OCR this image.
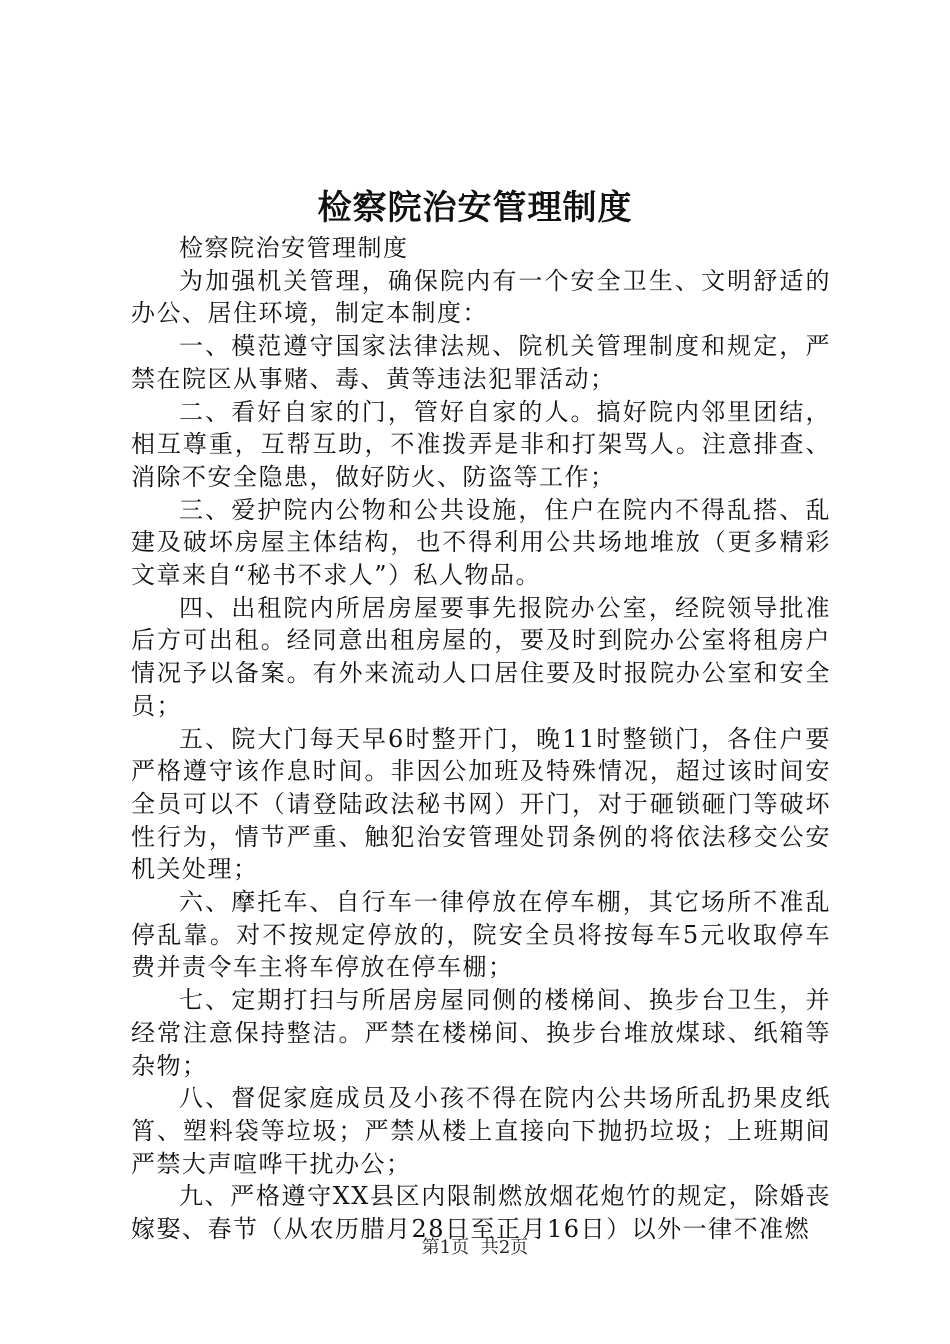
检察院治安管理制度

检察院治安管理制度

为加强机关管理，确保院内有一个安全卫生、文明舒适的办公、居住环境，制定本制度：

一、模范遵守国家法律法规、院机关管理制度和规定，严禁在院区从事赌、毒、黄等违法犯罪活动；

二、看好自家的门，管好自家的人。搞好院内邻里团结，相互尊重，互帮互助，不准拨弄是非和打架骂人。注意排查、消除不安全隐患，做好防火、防盗等工作；

三、爱护院内公物和公共设施，住户在院内不得乱搭、乱建及破坏房屋主体结构，也不得利用公共场地堆放（更多精彩文章来自“秘书不求人”）私人物品。

四、出租院内所居房屋要事先报院办公室，经院领导批准后方可出租。经同意出租房屋的，要及时到院办公室将租房户情况予以备案。有外来流动人口居住要及时报院办公室和安全员；

五、院大门每天早6时整开门，晚11时整锁门，各住户要严格遵守该作息时间。非因公加班及特殊情况，超过该时间安全员可以不（请登陆政法秘书网）开门，对于砸锁砸门等破坏性行为，情节严重、触犯治安管理处罚条例的将依法移交公安机关处理；

六、摩托车、自行车一律停放在停车棚，其它场所不准乱停乱靠。对不按规定停放的，院安全员将按每车5元收取停车费并责令车主将车停放在停车棚；

七、定期打扫与所居房屋同侧的楼梯间、换步台卫生，并经常注意保持整洁。严禁在楼梯间、换步台堆放煤球、纸箱等杂物；

八、督促家庭成员及小孩不得在院内公共场所乱扔果皮纸筲、塑料袋等垃圾；严禁从楼上直接向下抛扔垃圾；上班期间严禁大声喧哗干扰办公；

九、严格遵守XX县区内限制燃放烟花炮竹的规定，除婚丧嫁娶、春节（从农历腊月28日至正月16日）以外一律不准燃

第1页 共2页
